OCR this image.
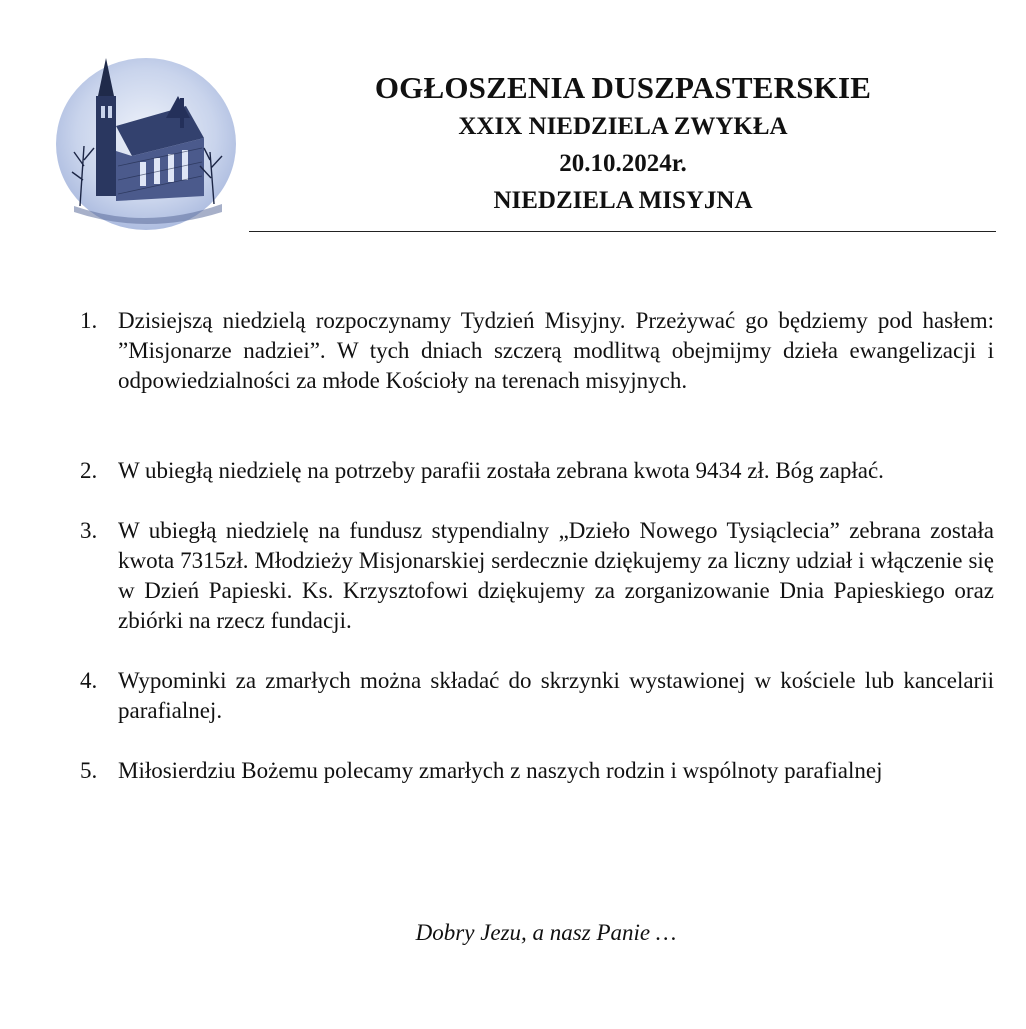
OGŁOSZENIA DUSZPASTERSKIE

XXIX NIEDZIELA ZWYKŁA

20.10.2024r.

NIEDZIELA MISYJNA

1. Dzisiejszą niedzielą rozpoczynamy Tydzień Misyjny. Przeżywać go będziemy pod hasłem: ”Misjonarze nadziei”. W tych dniach szczerą modlitwą obejmijmy dzieła ewangelizacji i odpowiedzialności za młode Kościoły na terenach misyjnych.
2. W ubiegłą niedzielę na potrzeby parafii została zebrana kwota 9434 zł. Bóg zapłać.
3. W ubiegłą niedzielę na fundusz stypendialny „Dzieło Nowego Tysiąclecia” zebrana została kwota 7315zł. Młodzieży Misjonarskiej serdecznie dziękujemy za liczny udział i włączenie się w Dzień Papieski. Ks. Krzysztofowi dziękujemy za zorganizowanie Dnia Papieskiego oraz zbiórki na rzecz fundacji.
4. Wypominki za zmarłych można składać do skrzynki wystawionej w kościele lub kancelarii parafialnej.
5. Miłosierdziu Bożemu polecamy zmarłych z naszych rodzin i wspólnoty parafialnej
Dobry Jezu, a nasz Panie …
